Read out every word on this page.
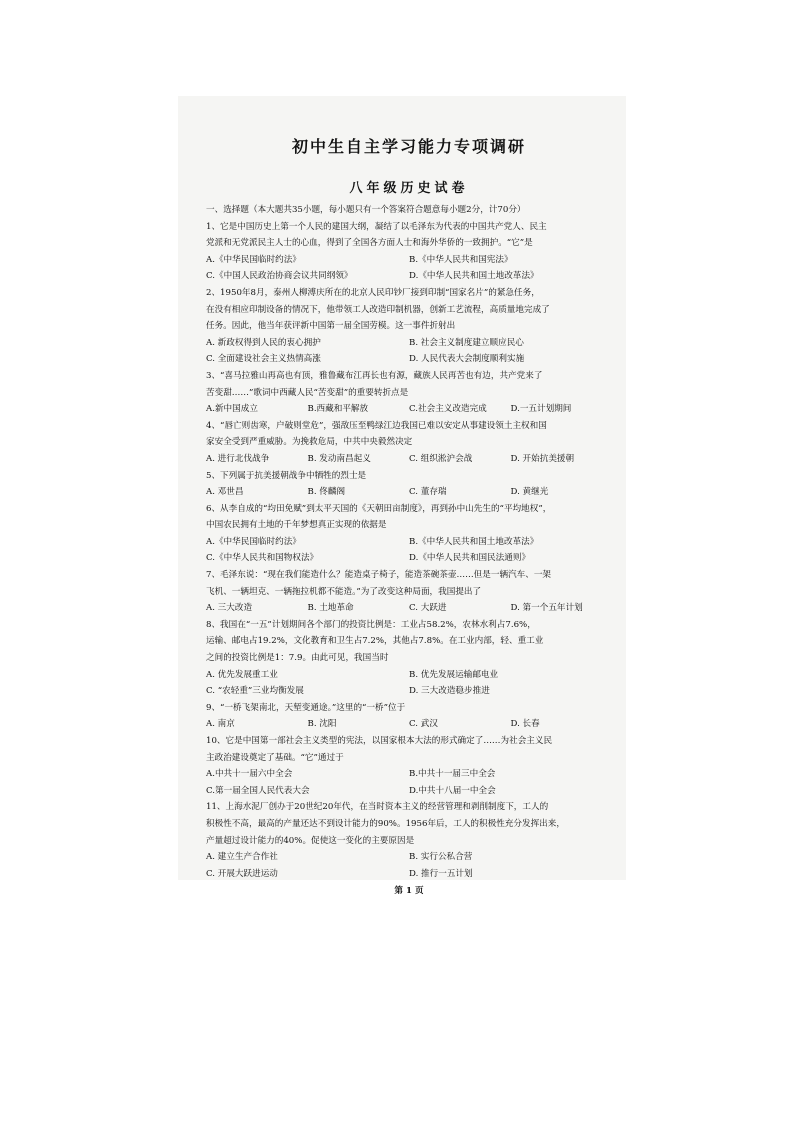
初中生自主学习能力专项调研
八年级历史试卷
一、选择题（本大题共35小题，每小题只有一个答案符合题意每小题2分，计70分）
1、它是中国历史上第一个人民的建国大纲，凝结了以毛泽东为代表的中国共产党人、民主
党派和无党派民主人士的心血，得到了全国各方面人士和海外华侨的一致拥护。“它”是
A.《中华民国临时约法》	B.《中华人民共和国宪法》
C.《中国人民政治协商会议共同纲领》	D.《中华人民共和国土地改革法》
2、1950年8月，泰州人柳溥庆所在的北京人民印钞厂接到印制“国家名片”的紧急任务，
在没有相应印制设备的情况下，他带领工人改造印制机器，创新工艺流程，高质量地完成了
任务。因此，他当年获评新中国第一届全国劳模。这一事件折射出
A. 新政权得到人民的衷心拥护	B. 社会主义制度建立顺应民心
C. 全面建设社会主义热情高涨	D. 人民代表大会制度顺利实施
3、“喜马拉雅山再高也有顶，雅鲁藏布江再长也有源，藏族人民再苦也有边，共产党来了
苦变甜……”歌词中西藏人民“苦变甜”的重要转折点是
A.新中国成立	B.西藏和平解放	C.社会主义改造完成	D.一五计划期间
4、“唇亡则齿寒，户破则堂危”，强敌压至鸭绿江边我国已难以安定从事建设领土主权和国
家安全受到严重威胁。为挽救危局，中共中央毅然决定
A. 进行北伐战争	B. 发动南昌起义	C. 组织淞沪会战	D. 开始抗美援朝
5、下列属于抗美援朝战争中牺牲的烈士是
A. 邓世昌	B. 佟麟阁	C. 董存瑞	D. 黄继光
6、从李自成的“均田免赋”到太平天国的《天朝田亩制度》，再到孙中山先生的“平均地权”，
中国农民拥有土地的千年梦想真正实现的依据是
A.《中华民国临时约法》	B.《中华人民共和国土地改革法》
C.《中华人民共和国物权法》	D.《中华人民共和国民法通则》
7、毛泽东说：“现在我们能造什么？能造桌子椅子，能造茶碗茶壶……但是一辆汽车、一架
飞机、一辆坦克、一辆拖拉机都不能造。”为了改变这种局面，我国提出了
A. 三大改造	B. 土地革命	C. 大跃进	D. 第一个五年计划
8、我国在“一五”计划期间各个部门的投资比例是：工业占58.2%，农林水利占7.6%，
运输、邮电占19.2%，文化教育和卫生占7.2%，其他占7.8%。在工业内部，轻、重工业
之间的投资比例是1：7.9。由此可见，我国当时
A. 优先发展重工业	B. 优先发展运输邮电业
C. “农轻重”三业均衡发展	D. 三大改造稳步推进
9、“一桥飞架南北，天堑变通途。”这里的“一桥”位于
A. 南京	B. 沈阳	C. 武汉	D. 长春
10、它是中国第一部社会主义类型的宪法，以国家根本大法的形式确定了……为社会主义民
主政治建设奠定了基础。“它”通过于
A.中共十一届六中全会	B.中共十一届三中全会
C.第一届全国人民代表大会	D.中共十八届一中全会
11、上海水泥厂创办于20世纪20年代，在当时资本主义的经营管理和剥削制度下，工人的
积极性不高，最高的产量还达不到设计能力的90%。1956年后，工人的积极性充分发挥出来，
产量超过设计能力的40%。促使这一变化的主要原因是
A. 建立生产合作社	B. 实行公私合营
C. 开展大跃进运动	D. 推行一五计划
第 1 页
